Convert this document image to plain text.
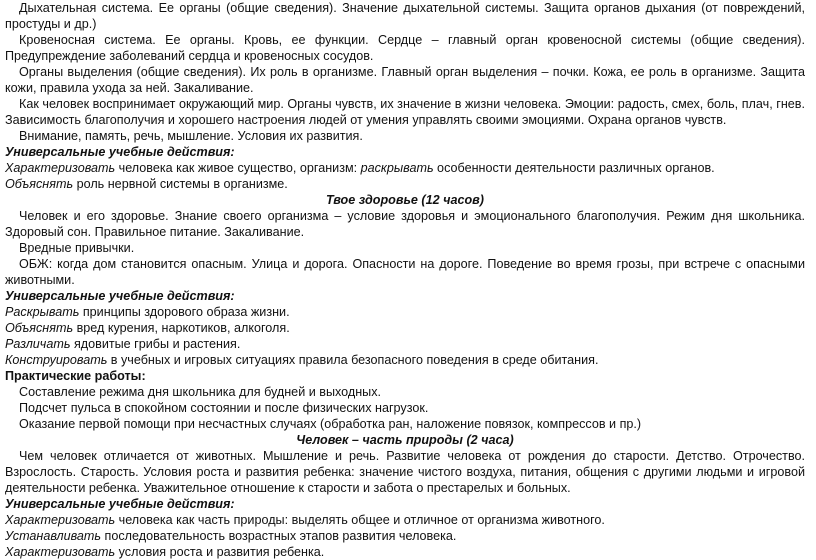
Дыхательная система. Ее органы (общие сведения). Значение дыхательной системы. Защита органов дыхания (от повреждений, простуды и др.)

Кровеносная система. Ее органы. Кровь, ее функции. Сердце – главный орган кровеносной системы (общие сведения). Предупреждение заболеваний сердца и кровеносных сосудов.

Органы выделения (общие сведения). Их роль в организме. Главный орган выделения – почки. Кожа, ее роль в организме. Защита кожи, правила ухода за ней. Закаливание.

Как человек воспринимает окружающий мир. Органы чувств, их значение в жизни человека. Эмоции: радость, смех, боль, плач, гнев. Зависимость благополучия и хорошего настроения людей от умения управлять своими эмоциями. Охрана органов чувств.

Внимание, память, речь, мышление. Условия их развития.

Универсальные учебные действия:

Характеризовать человека как живое существо, организм: раскрывать особенности деятельности различных органов.

Объяснять роль нервной системы в организме.

Твое здоровье (12 часов)

Человек и его здоровье. Знание своего организма – условие здоровья и эмоционального благополучия. Режим дня школьника. Здоровый сон. Правильное питание. Закаливание.

Вредные привычки.

ОБЖ: когда дом становится опасным. Улица и дорога. Опасности на дороге. Поведение во время грозы, при встрече с опасными животными.

Универсальные учебные действия:

Раскрывать принципы здорового образа жизни.

Объяснять вред курения, наркотиков, алкоголя.

Различать ядовитые грибы и растения.

Конструировать в учебных и игровых ситуациях правила безопасного поведения в среде обитания.

Практические работы:

Составление режима дня школьника для будней и выходных.

Подсчет пульса в спокойном состоянии и после физических нагрузок.

Оказание первой помощи при несчастных случаях (обработка ран, наложение повязок, компрессов и пр.)

Человек – часть природы (2 часа)

Чем человек отличается от животных. Мышление и речь. Развитие человека от рождения до старости. Детство. Отрочество. Взрослость. Старость. Условия роста и развития ребенка: значение чистого воздуха, питания, общения с другими людьми и игровой деятельности ребенка. Уважительное отношение к старости и забота о престарелых и больных.

Универсальные учебные действия:

Характеризовать человека как часть природы: выделять общее и отличное от организма животного.

Устанавливать последовательность возрастных этапов развития человека.

Характеризовать условия роста и развития ребенка.
